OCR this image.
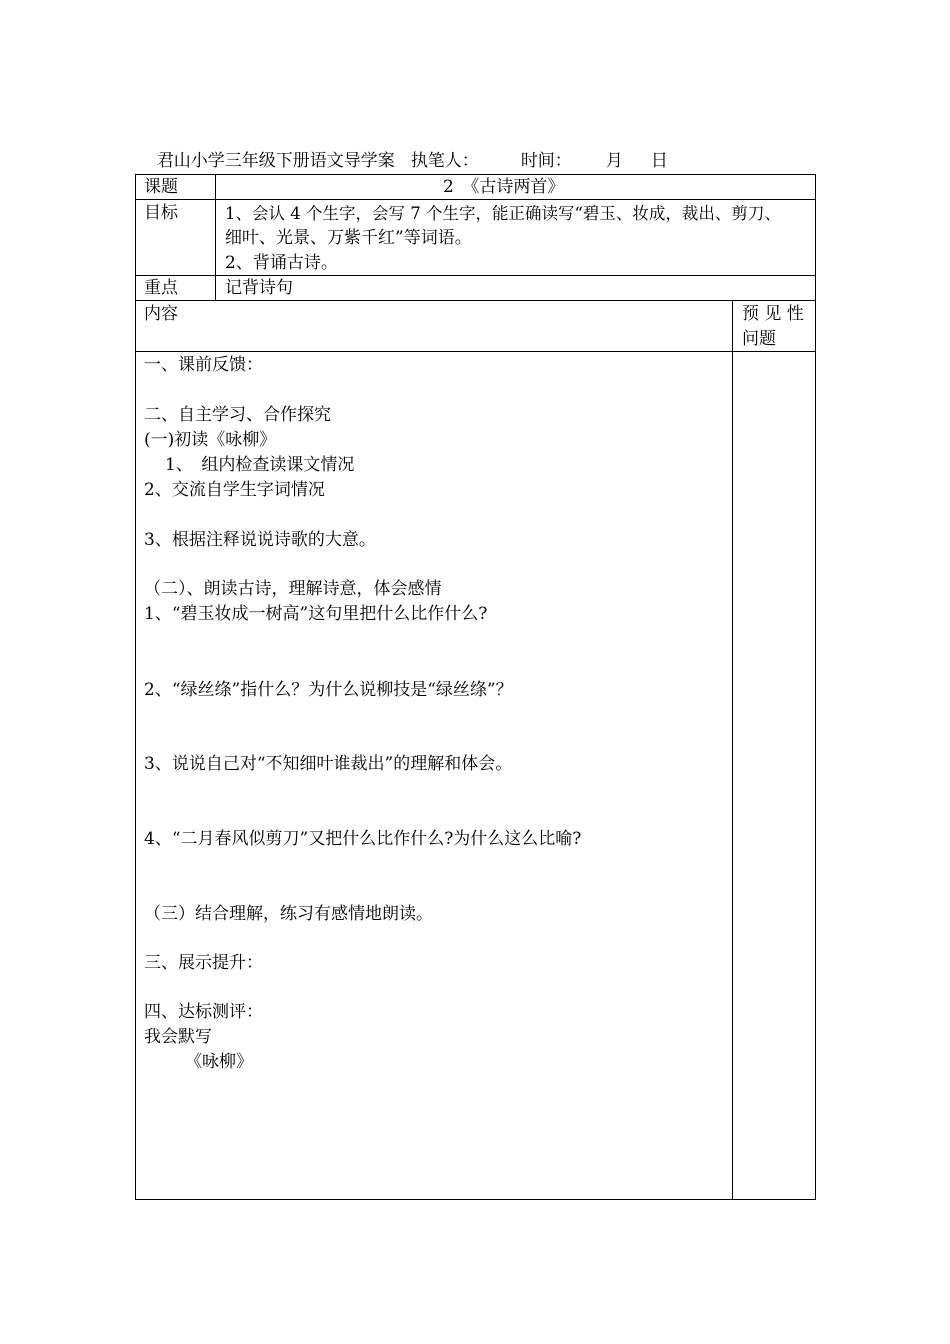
君山小学三年级下册语文导学案 执笔人： 时间： 月 日

课题	2　《古诗两首》
目标	1、会认 4 个生字，会写 7 个生字，能正确读写“碧玉、妆成，裁出、剪刀、
细叶、光景、万紫千红”等词语。
2、背诵古诗。
重点	记背诗句
内容	预 见 性
问题
一、课前反馈：
二、自主学习、合作探究
(一)初读《咏柳》
1、　组内检查读课文情况
2、交流自学生字词情况
3、根据注释说说诗歌的大意。
（二）、朗读古诗，理解诗意，体会感情
1、“碧玉妆成一树高”这句里把什么比作什么?
2、“绿丝绦”指什么？为什么说柳技是“绿丝绦”？
3、说说自己对“不知细叶谁裁出”的理解和体会。
4、“二月春风似剪刀”又把什么比作什么?为什么这么比喻?
（三）结合理解，练习有感情地朗读。
三、展示提升：
四、达标测评：
我会默写
《咏柳》
